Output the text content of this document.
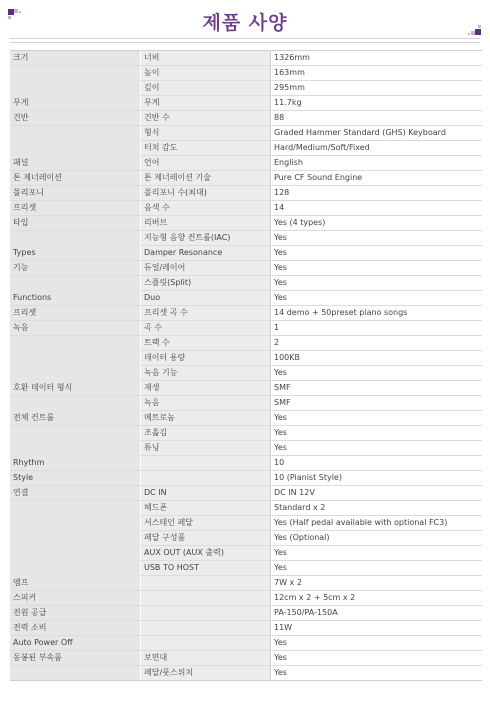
제품 사양
크기	너비	1326mm
	높이	163mm
	깊이	295mm
무게	무게	11.7kg
건반	건반 수	88
	형식	Graded Hammer Standard (GHS) Keyboard
	터치 감도	Hard/Medium/Soft/Fixed
패널	언어	English
톤 제너레이션	톤 제너레이션 기술	Pure CF Sound Engine
폴리포니	폴리포니 수(최대)	128
프리셋	음색 수	14
타입	리버브	Yes (4 types)
	지능형 음향 컨트롤(IAC)	Yes
Types	Damper Resonance	Yes
기능	듀얼/레이어	Yes
	스플릿(Split)	Yes
Functions	Duo	Yes
프리셋	프리셋 곡 수	14 demo + 50preset piano songs
녹음	곡 수	1
	트랙 수	2
	데이터 용량	100KB
	녹음 기능	Yes
호환 데이터 형식	재생	SMF
	녹음	SMF
전체 컨트롤	메트로놈	Yes
	조옮김	Yes
	튜닝	Yes
Rhythm		10
Style		10 (Pianist Style)
연결	DC IN	DC IN 12V
	헤드폰	Standard x 2
	서스테인 페달	Yes (Half pedal available with optional FC3)
	페달 구성품	Yes (Optional)
	AUX OUT (AUX 출력)	Yes
	USB TO HOST	Yes
앰프		7W x 2
스피커		12cm x 2 + 5cm x 2
전원 공급		PA-150/PA-150A
전력 소비		11W
Auto Power Off		Yes
동봉된 부속품	보면대	Yes
	페달/풋스위치	Yes
